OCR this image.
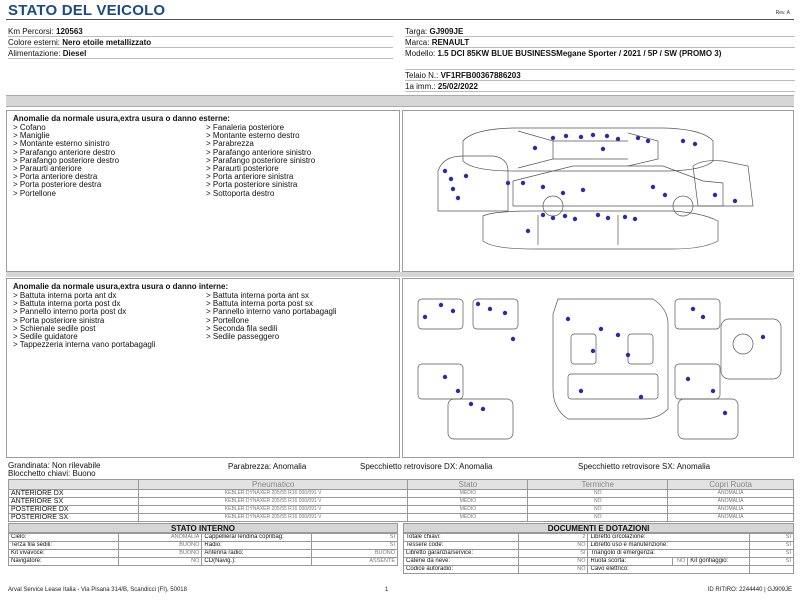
STATO DEL VEICOLO	Rev. A
Km Percorsi: 120563
Colore esterni: Nero etoile metallizzato
Alimentazione: Diesel
Targa: GJ909JE
Marca: RENAULT
Modello: 1.5 DCI 85KW BLUE BUSINESSMegane Sporter / 2021 / 5P / SW (PROMO 3)
Telaio N.: VF1RFB00367886203
1a imm.: 25/02/2022
Anomalie da normale usura,extra usura o danno esterne:
> Cofano
> Maniglie
> Montante esterno sinistro
> Parafango anteriore destro
> Parafango posteriore destro
> Paraurti anteriore
> Porta anteriore destra
> Porta posteriore destra
> Portellone
> Fanaleria posteriore
> Montante esterno destro
> Parabrezza
> Parafango anteriore sinistro
> Parafango posteriore sinistro
> Paraurti posteriore
> Porta anteriore sinistra
> Porta posteriore sinistra
> Sottoporta destro
Anomalie da normale usura,extra usura o danno interne:
> Battuta interna porta ant dx
> Battuta interna porta post dx
> Pannello interno porta post dx
> Porta posteriore sinistra
> Schienale sedile post
> Sedile guidatore
> Tappezzeria interna vano portabagagli
> Battuta interna porta ant sx
> Battuta interna porta post sx
> Pannello interno vano portabagagli
> Portellone
> Seconda fila sedili
> Sedile passeggero
Grandinata: Non rilevabile
Blocchetto chiavi: Buono
Parabrezza: Anomalia	Specchietto retrovisore DX: Anomalia	Specchietto retrovisore SX: Anomalia
	Pneumatico	Stato	Termiche	Copri Ruota
ANTERIORE DX	KEBLER DYNAXER 205/55 R16 000/091 V	MEDIO	NO	ANOMALIA
ANTERIORE SX	KEBLER DYNAXER 205/55 R16 000/091 V	MEDIO	NO	ANOMALIA
POSTERIORE DX	KEBLER DYNAXER 205/55 R16 000/091 V	MEDIO	NO	ANOMALIA
POSTERIORE SX	KEBLER DYNAXER 205/55 R16 000/091 V	MEDIO	NO	ANOMALIA
STATO INTERNO
Cielo:	ANOMALIA	Cappelliera/Tendina copribag:	SI
Terza fila sedili:	BUONO	Radio:	SI
Kit vivavoce:	BUONO	Antenna radio:	BUONO
Navigatore:	NO	CD(Navig.):	ASSENTE
DOCUMENTI E DOTAZIONI
Totale chiavi:	2	Libretto circolazione:			SI
Tessere code:	NO	Libretto uso e manutenzione:			SI
Libretto garanzia/service:	SI	Triangolo di emergenza:			SI
Catene da neve:	NO	Ruota scorta:	NO	Kit gonfiaggio:	SI
Codice autoradio:	NO	Cavo elettrico:			
Arval Service Lease Italia - Via Pisana 314/B, Scandicci (FI), 50018	1	ID RITIRO: 2244440 | GJ909JE
